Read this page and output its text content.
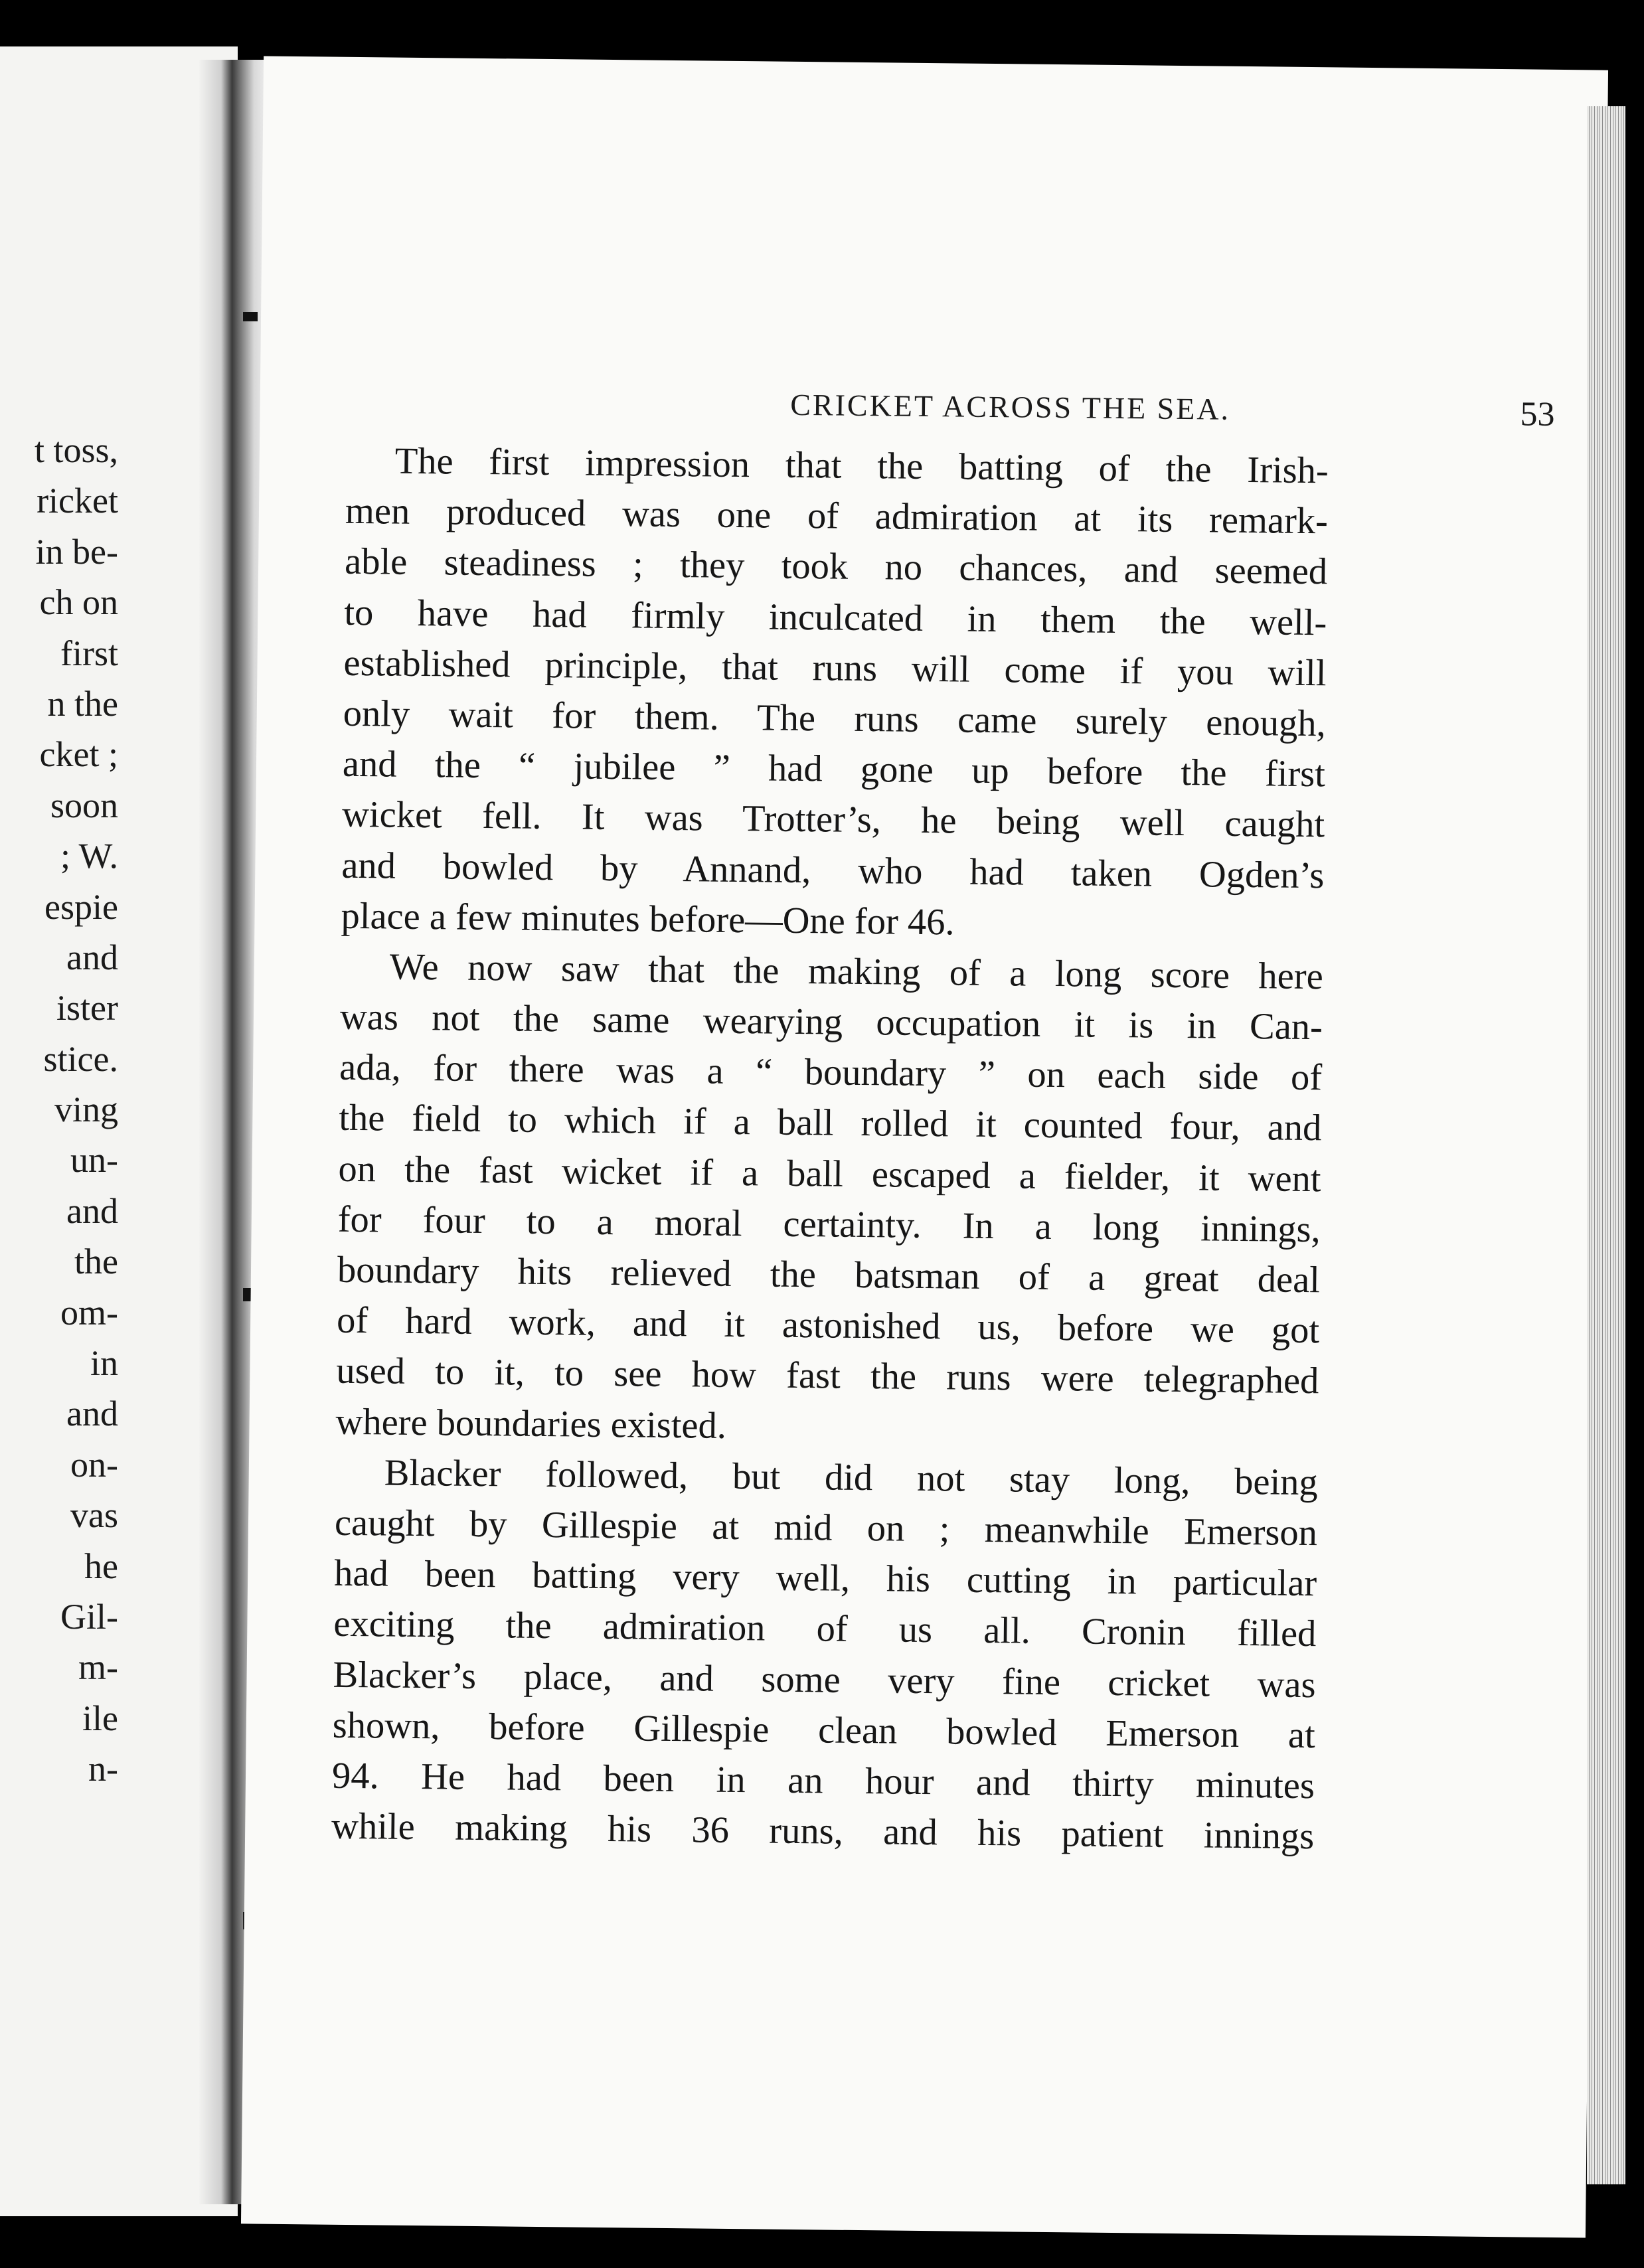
t toss,
ricket
in be-
ch on
first
n the
cket ;
soon
; W.
espie
and
ister
stice.
ving
un-
and
the
om-
in
and
on-
vas
he
Gil-
m-
ile
n-
CRICKET ACROSS THE SEA.	53
The first impression that the batting of the Irish-
men produced was one of admiration at its remark-
able steadiness ; they took no chances, and seemed
to have had firmly inculcated in them the well-
established principle, that runs will come if you will
only wait for them. The runs came surely enough,
and the “ jubilee ” had gone up before the first
wicket fell. It was Trotter’s, he being well caught
and bowled by Annand, who had taken Ogden’s
place a few minutes before—One for 46.
We now saw that the making of a long score here
was not the same wearying occupation it is in Can-
ada, for there was a “ boundary ” on each side of
the field to which if a ball rolled it counted four, and
on the fast wicket if a ball escaped a fielder, it went
for four to a moral certainty. In a long innings,
boundary hits relieved the batsman of a great deal
of hard work, and it astonished us, before we got
used to it, to see how fast the runs were telegraphed
where boundaries existed.
Blacker followed, but did not stay long, being
caught by Gillespie at mid on ; meanwhile Emerson
had been batting very well, his cutting in particular
exciting the admiration of us all. Cronin filled
Blacker’s place, and some very fine cricket was
shown, before Gillespie clean bowled Emerson at
94. He had been in an hour and thirty minutes
while making his 36 runs, and his patient innings
